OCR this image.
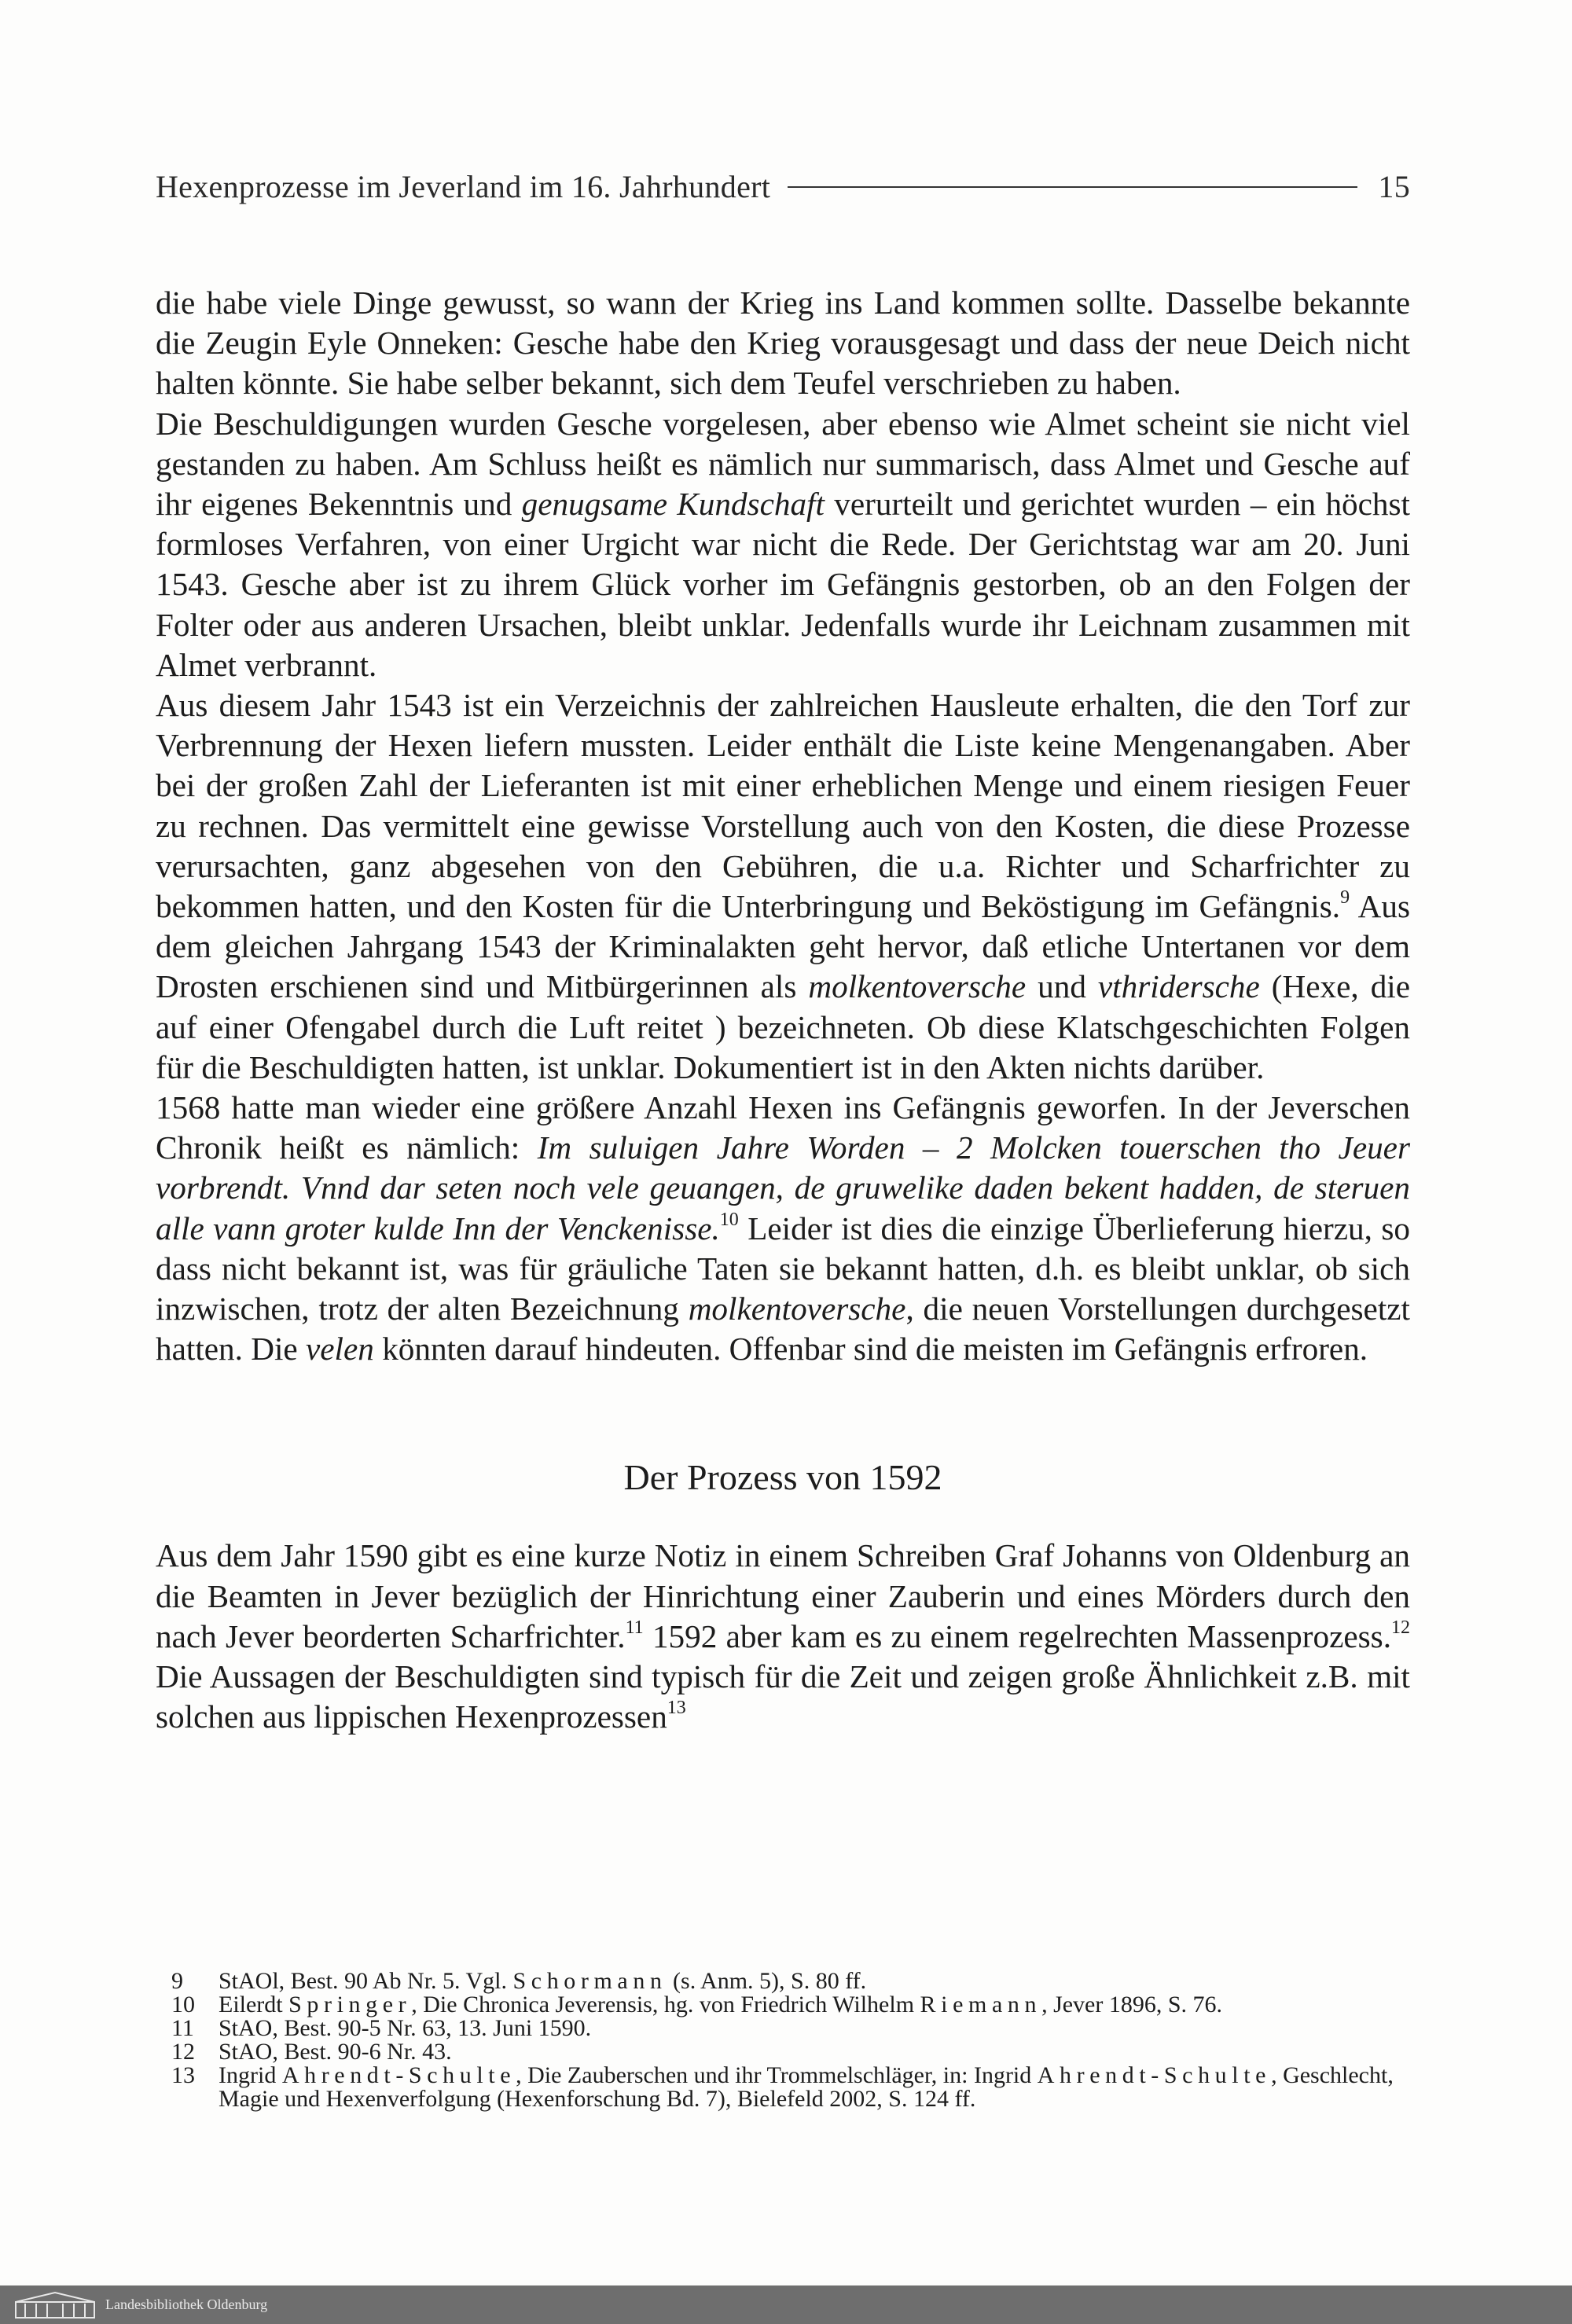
Hexenprozesse im Jeverland im 16. Jahrhundert	15

die habe viele Dinge gewusst, so wann der Krieg ins Land kommen sollte. Dasselbe bekannte die Zeugin Eyle Onneken: Gesche habe den Krieg vorausgesagt und dass der neue Deich nicht halten könnte. Sie habe selber bekannt, sich dem Teufel verschrieben zu haben.

Die Beschuldigungen wurden Gesche vorgelesen, aber ebenso wie Almet scheint sie nicht viel gestanden zu haben. Am Schluss heißt es nämlich nur summarisch, dass Almet und Gesche auf ihr eigenes Bekenntnis und genugsame Kundschaft verurteilt und gerichtet wurden – ein höchst formloses Verfahren, von einer Urgicht war nicht die Rede. Der Gerichtstag war am 20. Juni 1543. Gesche aber ist zu ihrem Glück vorher im Gefängnis gestorben, ob an den Folgen der Folter oder aus anderen Ursachen, bleibt unklar. Jedenfalls wurde ihr Leichnam zusammen mit Almet verbrannt.

Aus diesem Jahr 1543 ist ein Verzeichnis der zahlreichen Hausleute erhalten, die den Torf zur Verbrennung der Hexen liefern mussten. Leider enthält die Liste keine Mengenangaben. Aber bei der großen Zahl der Lieferanten ist mit einer erheblichen Menge und einem riesigen Feuer zu rechnen. Das vermittelt eine gewisse Vorstellung auch von den Kosten, die diese Prozesse verursachten, ganz abgesehen von den Gebühren, die u.a. Richter und Scharfrichter zu bekommen hatten, und den Kosten für die Unterbringung und Beköstigung im Gefängnis.$^9$ Aus dem gleichen Jahrgang 1543 der Kriminalakten geht hervor, daß etliche Untertanen vor dem Drosten erschienen sind und Mitbürgerinnen als molkentoversche und vthridersche (Hexe, die auf einer Ofengabel durch die Luft reitet ) bezeichneten. Ob diese Klatschgeschichten Folgen für die Beschuldigten hatten, ist unklar. Dokumentiert ist in den Akten nichts darüber.

1568 hatte man wieder eine größere Anzahl Hexen ins Gefängnis geworfen. In der Jeverschen Chronik heißt es nämlich: Im suluigen Jahre Worden – 2 Molcken touerschen tho Jeuer vorbrendt. Vnnd dar seten noch vele geuangen, de gruwelike daden bekent hadden, de steruen alle vann groter kulde Inn der Venckenisse.$^{10}$ Leider ist dies die einzige Überlieferung hierzu, so dass nicht bekannt ist, was für gräuliche Taten sie bekannt hatten, d.h. es bleibt unklar, ob sich inzwischen, trotz der alten Bezeichnung molkentoversche, die neuen Vorstellungen durchgesetzt hatten. Die velen könnten darauf hindeuten. Offenbar sind die meisten im Gefängnis erfroren.

Der Prozess von 1592

Aus dem Jahr 1590 gibt es eine kurze Notiz in einem Schreiben Graf Johanns von Oldenburg an die Beamten in Jever bezüglich der Hinrichtung einer Zauberin und eines Mörders durch den nach Jever beorderten Scharfrichter.$^{11}$ 1592 aber kam es zu einem regelrechten Massenprozess.$^{12}$ Die Aussagen der Beschuldigten sind typisch für die Zeit und zeigen große Ähnlichkeit z.B. mit solchen aus lippischen Hexenprozessen$^{13}$

9	StAOl, Best. 90 Ab Nr. 5. Vgl. Schormann (s. Anm. 5), S. 80 ff.
10	Eilerdt Springer, Die Chronica Jeverensis, hg. von Friedrich Wilhelm Riemann, Jever 1896, S. 76.
11	StAO, Best. 90-5 Nr. 63, 13. Juni 1590.
12	StAO, Best. 90-6 Nr. 43.
13	Ingrid Ahrendt-Schulte, Die Zauberschen und ihr Trommelschläger, in: Ingrid Ahrendt-Schulte, Geschlecht, Magie und Hexenverfolgung (Hexenforschung Bd. 7), Bielefeld 2002, S. 124 ff.
Landesbibliothek Oldenburg
